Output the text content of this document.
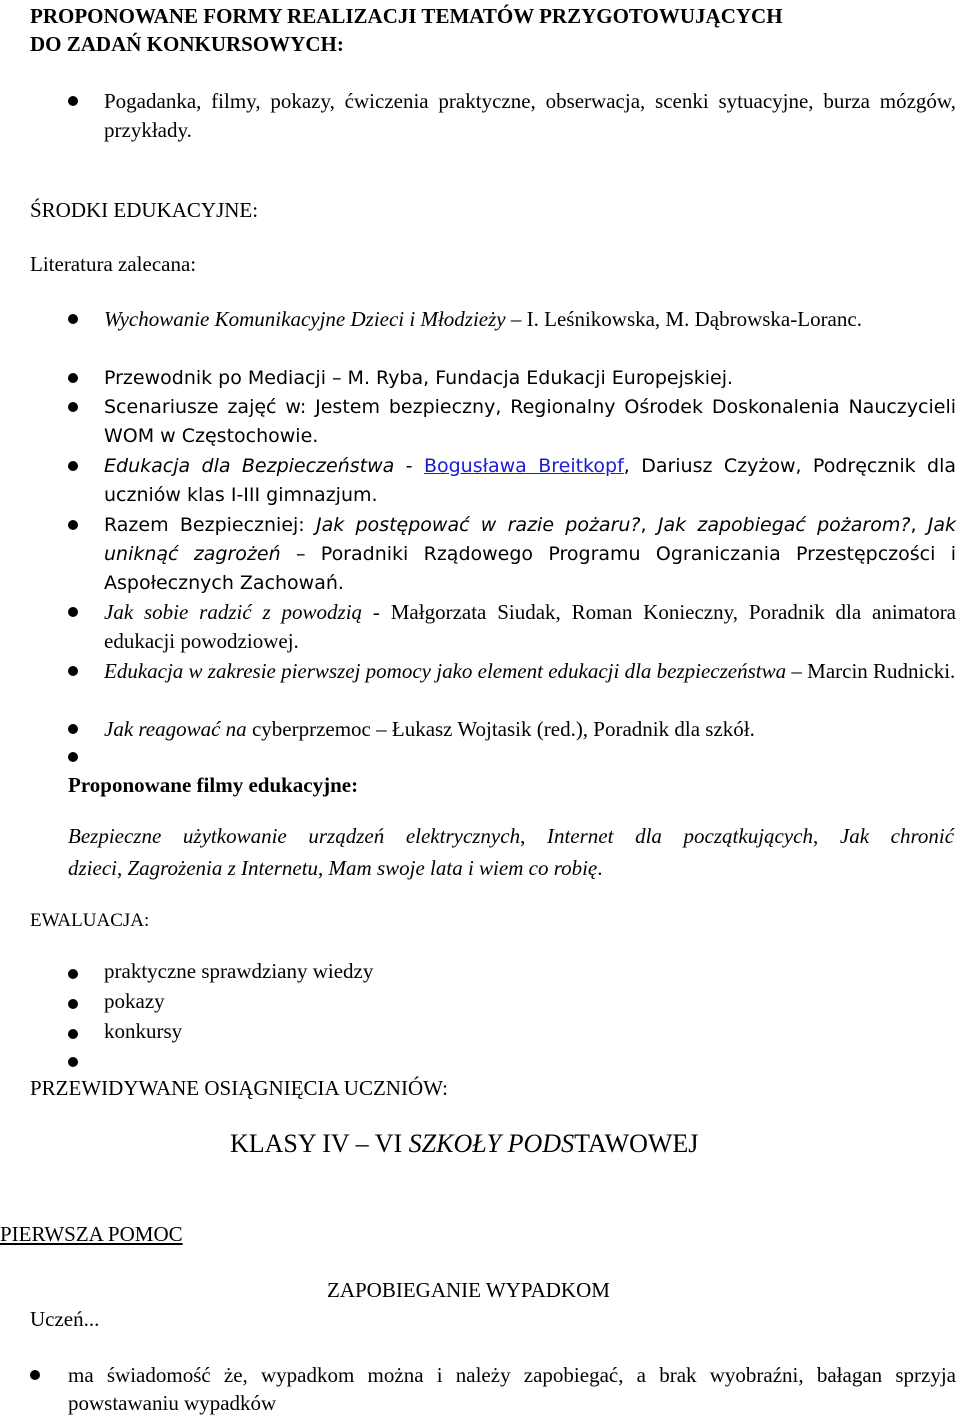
PROPONOWANE FORMY REALIZACJI TEMATÓW PRZYGOTOWUJĄCYCH
DO ZADAŃ KONKURSOWYCH:

Pogadanka, filmy, pokazy, ćwiczenia praktyczne, obserwacja, scenki sytuacyjne, burza mózgów, przykłady.

ŚRODKI EDUKACYJNE:
Literatura zalecana:

Wychowanie Komunikacyjne Dzieci i Młodzieży – I. Leśnikowska, M. Dąbrowska-Loranc.

Przewodnik po Mediacji – M. Ryba, Fundacja Edukacji Europejskiej.

Scenariusze zajęć w: Jestem bezpieczny, Regionalny Ośrodek Doskonalenia Nauczycieli WOM w Częstochowie.

Edukacja dla Bezpieczeństwa - Bogusława Breitkopf, Dariusz Czyżow, Podręcznik dla uczniów klas I-III gimnazjum.

Razem Bezpieczniej: Jak postępować w razie pożaru?, Jak zapobiegać pożarom?, Jak uniknąć zagrożeń – Poradniki Rządowego Programu Ograniczania Przestępczości i Aspołecznych Zachowań.

Jak sobie radzić z powodzią - Małgorzata Siudak, Roman Konieczny, Poradnik dla animatora edukacji powodziowej.

Edukacja w zakresie pierwszej pomocy jako element edukacji dla bezpieczeństwa – Marcin Rudnicki.

Jak reagować na cyberprzemoc – Łukasz Wojtasik (red.), Poradnik dla szkół.

Proponowane filmy edukacyjne:
Bezpieczne użytkowanie urządzeń elektrycznych, Internet dla początkujących, Jak chronić
dzieci, Zagrożenia z Internetu, Mam swoje lata i wiem co robię.
EWALUACJA:

praktyczne sprawdziany wiedzy

pokazy

konkursy

PRZEWIDYWANE OSIĄGNIĘCIA UCZNIÓW:
KLASY IV – VI SZKOŁY PODSTAWOWEJ
PIERWSZA POMOC
ZAPOBIEGANIE WYPADKOM
Uczeń...

ma świadomość że, wypadkom można i należy zapobiegać, a brak wyobraźni, bałagan sprzyja powstawaniu wypadków
